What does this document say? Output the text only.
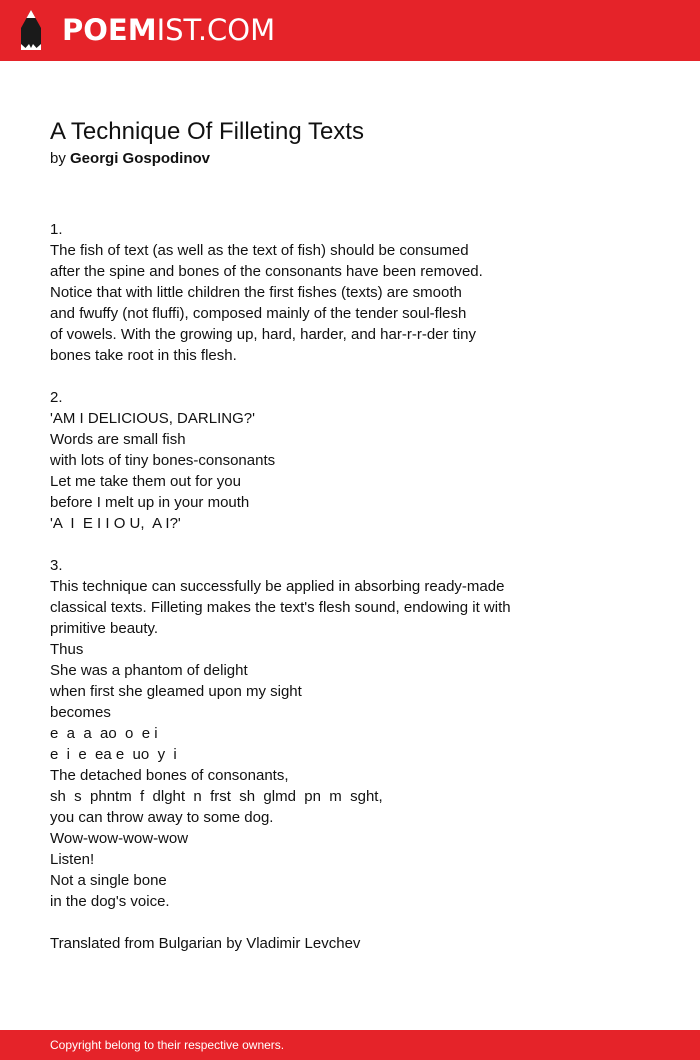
POEMIST.COM
A Technique Of Filleting Texts
by Georgi Gospodinov
1.
The fish of text (as well as the text of fish) should be consumed
after the spine and bones of the consonants have been removed.
Notice that with little children the first fishes (texts) are smooth
and fwuffy (not fluffi), composed mainly of the tender soul-flesh
of vowels. With the growing up, hard, harder, and har-r-r-der tiny
bones take root in this flesh.
2.
'AM I DELICIOUS, DARLING?'
Words are small fish
with lots of tiny bones-consonants
Let me take them out for you
before I melt up in your mouth
'A  I  E I I O U,  A I?'
3.
This technique can successfully be applied in absorbing ready-made
classical texts. Filleting makes the text's flesh sound, endowing it with
primitive beauty.
Thus
She was a phantom of delight
when first she gleamed upon my sight
becomes
e  a  a  ao  o  e i
e  i  e  ea e  uo  y  i
The detached bones of consonants,
sh  s  phntm  f  dlght  n  frst  sh  glmd  pn  m  sght,
you can throw away to some dog.
Wow-wow-wow-wow
Listen!
Not a single bone
in the dog's voice.
Translated from Bulgarian by Vladimir Levchev
Copyright belong to their respective owners.
